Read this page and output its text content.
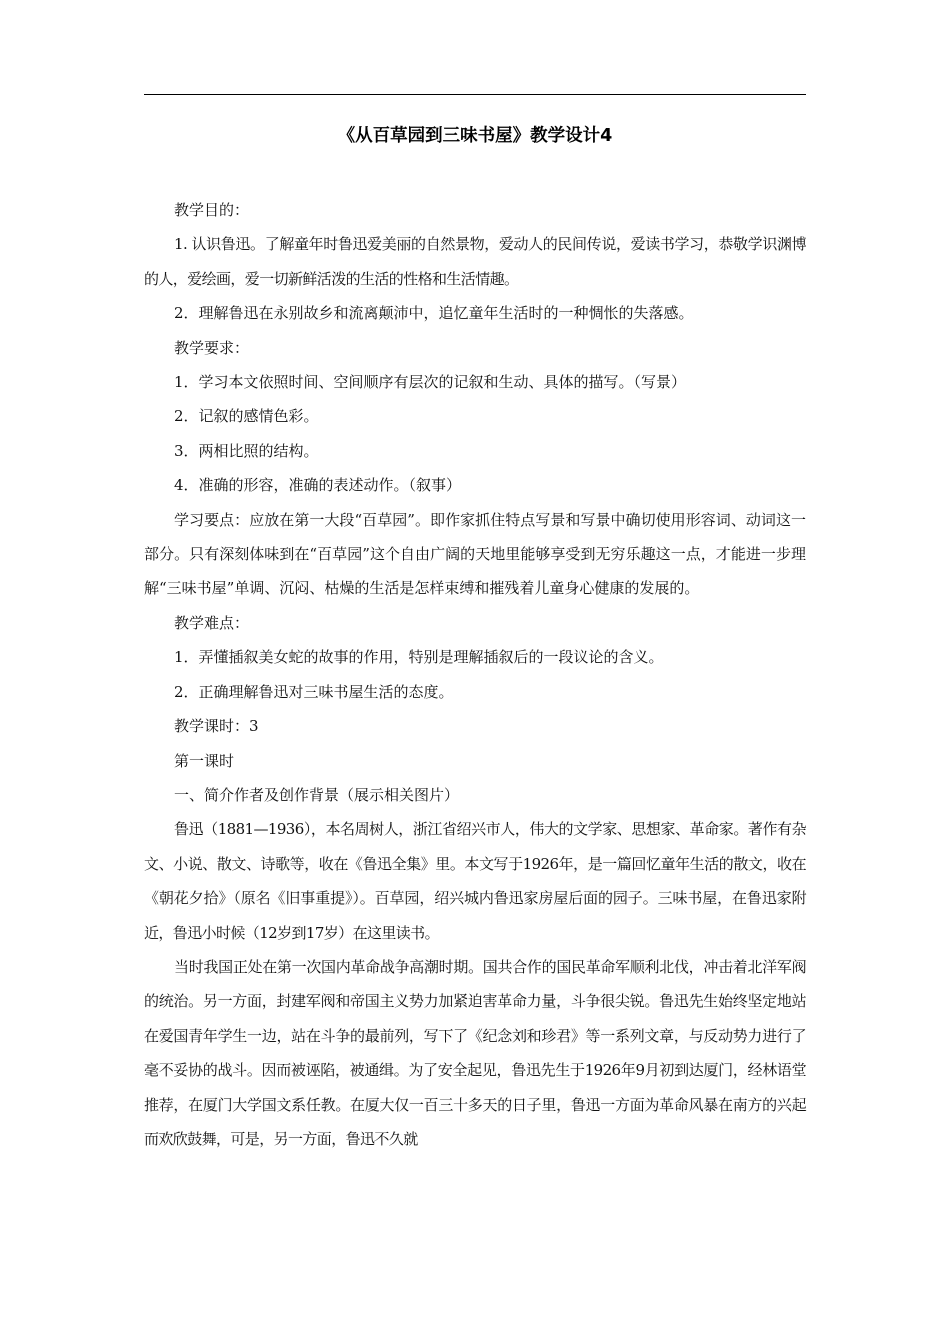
《从百草园到三味书屋》教学设计4

教学目的：

1. 认识鲁迅。了解童年时鲁迅爱美丽的自然景物，爱动人的民间传说，爱读书学习，恭敬学识渊博的人，爱绘画，爱一切新鲜活泼的生活的性格和生活情趣。

2．理解鲁迅在永别故乡和流离颠沛中，追忆童年生活时的一种惆怅的失落感。

教学要求：

1．学习本文依照时间、空间顺序有层次的记叙和生动、具体的描写。（写景）

2．记叙的感情色彩。

3．两相比照的结构。

4．准确的形容，准确的表述动作。（叙事）

学习要点：应放在第一大段“百草园”。即作家抓住特点写景和写景中确切使用形容词、动词这一部分。只有深刻体味到在“百草园”这个自由广阔的天地里能够享受到无穷乐趣这一点，才能进一步理解“三味书屋”单调、沉闷、枯燥的生活是怎样束缚和摧残着儿童身心健康的发展的。

教学难点：

1．弄懂插叙美女蛇的故事的作用，特别是理解插叙后的一段议论的含义。

2．正确理解鲁迅对三味书屋生活的态度。

教学课时：3

第一课时

一、简介作者及创作背景（展示相关图片）

鲁迅（1881—1936），本名周树人，浙江省绍兴市人，伟大的文学家、思想家、革命家。著作有杂文、小说、散文、诗歌等，收在《鲁迅全集》里。本文写于1926年，是一篇回忆童年生活的散文，收在《朝花夕拾》（原名《旧事重提》）。百草园，绍兴城内鲁迅家房屋后面的园子。三味书屋，在鲁迅家附近，鲁迅小时候（12岁到17岁）在这里读书。

当时我国正处在第一次国内革命战争高潮时期。国共合作的国民革命军顺利北伐，冲击着北洋军阀的统治。另一方面，封建军阀和帝国主义势力加紧迫害革命力量，斗争很尖锐。鲁迅先生始终坚定地站在爱国青年学生一边，站在斗争的最前列，写下了《纪念刘和珍君》等一系列文章，与反动势力进行了毫不妥协的战斗。因而被诬陷，被通缉。为了安全起见，鲁迅先生于1926年9月初到达厦门，经林语堂推荐，在厦门大学国文系任教。在厦大仅一百三十多天的日子里，鲁迅一方面为革命风暴在南方的兴起而欢欣鼓舞，可是，另一方面，鲁迅不久就
